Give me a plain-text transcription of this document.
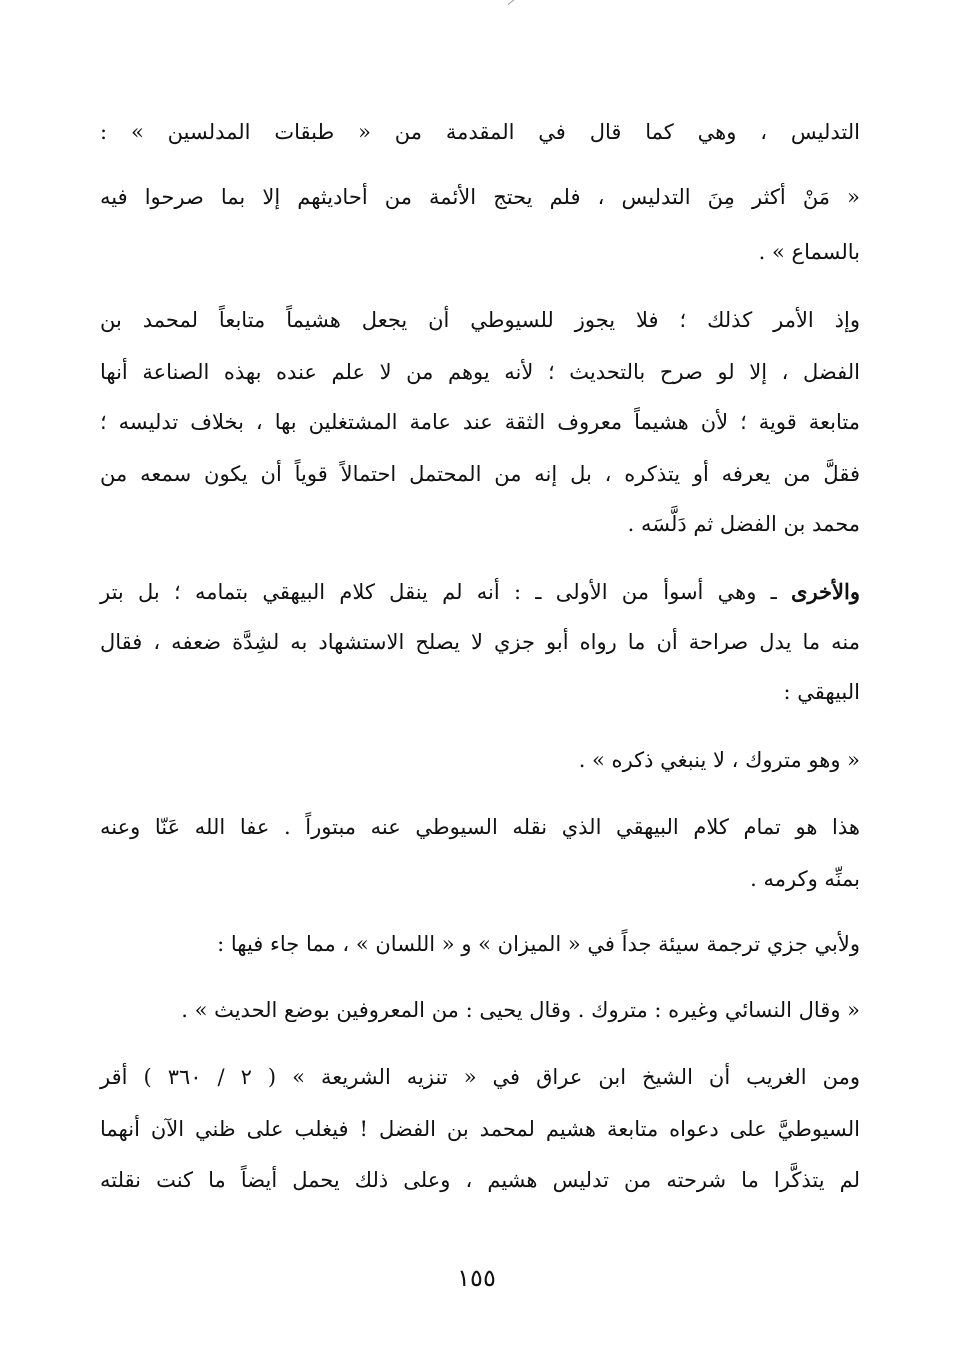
التدليس ، وهي كما قال في المقدمة من « طبقات المدلسين » :
« مَنْ أكثر مِنَ التدليس ، فلم يحتج الأئمة من أحاديثهم إلا بما صرحوا فيه
بالسماع » .
وإذ الأمر كذلك ؛ فلا يجوز للسيوطي أن يجعل هشيماً متابعاً لمحمد بن
الفضل ، إلا لو صرح بالتحديث ؛ لأنه يوهم من لا علم عنده بهذه الصناعة أنها
متابعة قوية ؛ لأن هشيماً معروف الثقة عند عامة المشتغلين بها ، بخلاف تدليسه ؛
فقلَّ من يعرفه أو يتذكره ، بل إنه من المحتمل احتمالاً قوياً أن يكون سمعه من
محمد بن الفضل ثم دَلَّسَه .
والأخرى ـ وهي أسوأ من الأولى ـ : أنه لم ينقل كلام البيهقي بتمامه ؛ بل بتر
منه ما يدل صراحة أن ما رواه أبو جزي لا يصلح الاستشهاد به لشِدَّة ضعفه ، فقال
البيهقي :
« وهو متروك ، لا ينبغي ذكره » .
هذا هو تمام كلام البيهقي الذي نقله السيوطي عنه مبتوراً . عفا الله عَنّا وعنه
بمنِّه وكرمه .
ولأبي جزي ترجمة سيئة جداً في « الميزان » و « اللسان » ، مما جاء فيها :
« وقال النسائي وغيره : متروك . وقال يحيى : من المعروفين بوضع الحديث » .
ومن الغريب أن الشيخ ابن عراق في « تنزيه الشريعة » ( ٢ / ٣٦٠ ) أقر
السيوطيَّ على دعواه متابعة هشيم لمحمد بن الفضل ! فيغلب على ظني الآن أنهما
لم يتذكَّرا ما شرحته من تدليس هشيم ، وعلى ذلك يحمل أيضاً ما كنت نقلته
١٥٥
